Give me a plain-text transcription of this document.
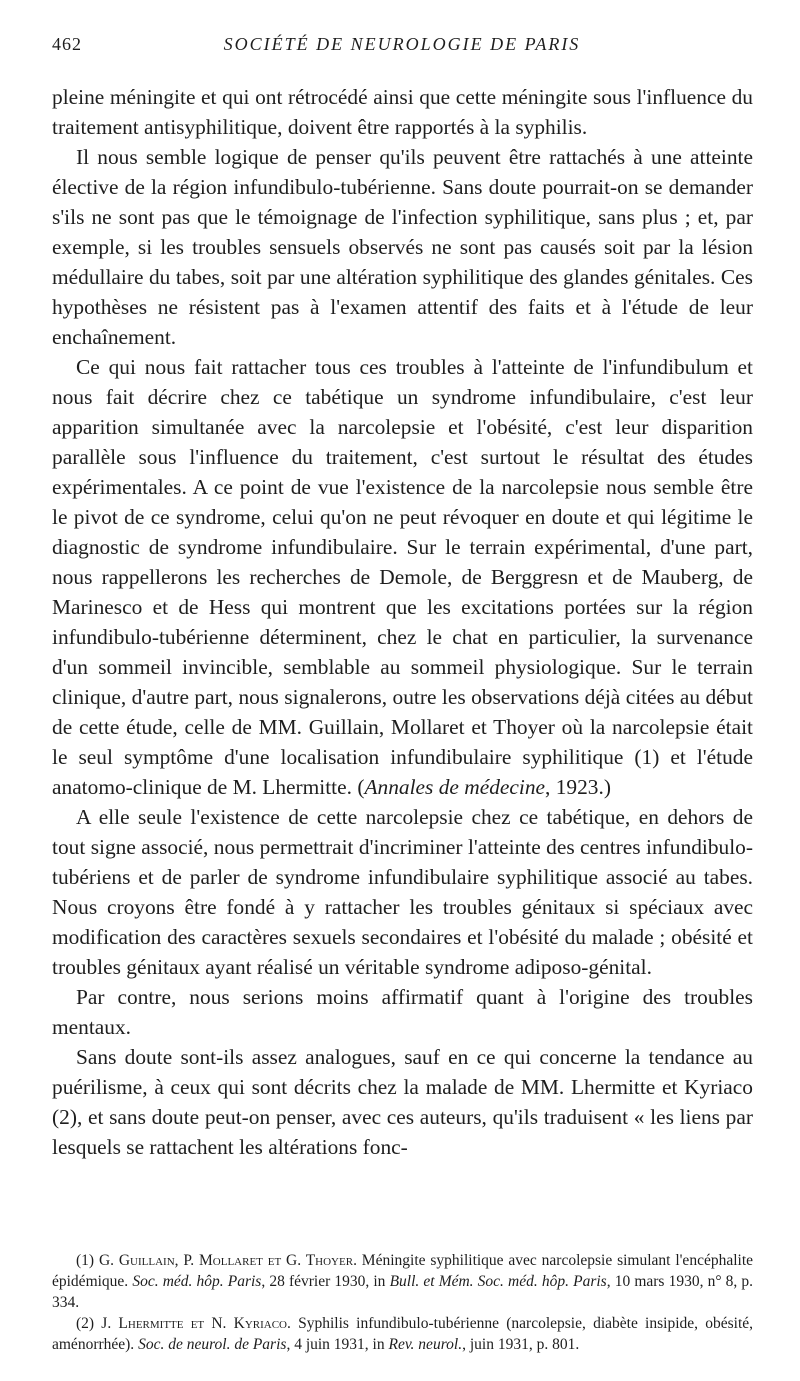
462	SOCIÉTÉ DE NEUROLOGIE DE PARIS

pleine méningite et qui ont rétrocédé ainsi que cette méningite sous l'influence du traitement antisyphilitique, doivent être rapportés à la syphilis.

Il nous semble logique de penser qu'ils peuvent être rattachés à une atteinte élective de la région infundibulo-tubérienne. Sans doute pourrait-on se demander s'ils ne sont pas que le témoignage de l'infection syphilitique, sans plus ; et, par exemple, si les troubles sensuels observés ne sont pas causés soit par la lésion médullaire du tabes, soit par une altération syphilitique des glandes génitales. Ces hypothèses ne résistent pas à l'examen attentif des faits et à l'étude de leur enchaînement.

Ce qui nous fait rattacher tous ces troubles à l'atteinte de l'infundibulum et nous fait décrire chez ce tabétique un syndrome infundibulaire, c'est leur apparition simultanée avec la narcolepsie et l'obésité, c'est leur disparition parallèle sous l'influence du traitement, c'est surtout le résultat des études expérimentales. A ce point de vue l'existence de la narcolepsie nous semble être le pivot de ce syndrome, celui qu'on ne peut révoquer en doute et qui légitime le diagnostic de syndrome infundibulaire. Sur le terrain expérimental, d'une part, nous rappellerons les recherches de Demole, de Berggresn et de Mauberg, de Marinesco et de Hess qui montrent que les excitations portées sur la région infundibulo-tubérienne déterminent, chez le chat en particulier, la survenance d'un sommeil invincible, semblable au sommeil physiologique. Sur le terrain clinique, d'autre part, nous signalerons, outre les observations déjà citées au début de cette étude, celle de MM. Guillain, Mollaret et Thoyer où la narcolepsie était le seul symptôme d'une localisation infundibulaire syphilitique (1) et l'étude anatomo-clinique de M. Lhermitte. (Annales de médecine, 1923.)

A elle seule l'existence de cette narcolepsie chez ce tabétique, en dehors de tout signe associé, nous permettrait d'incriminer l'atteinte des centres infundibulo-tubériens et de parler de syndrome infundibulaire syphilitique associé au tabes. Nous croyons être fondé à y rattacher les troubles génitaux si spéciaux avec modification des caractères sexuels secondaires et l'obésité du malade ; obésité et troubles génitaux ayant réalisé un véritable syndrome adiposo-génital.

Par contre, nous serions moins affirmatif quant à l'origine des troubles mentaux.

Sans doute sont-ils assez analogues, sauf en ce qui concerne la tendance au puérilisme, à ceux qui sont décrits chez la malade de MM. Lhermitte et Kyriaco (2), et sans doute peut-on penser, avec ces auteurs, qu'ils traduisent « les liens par lesquels se rattachent les altérations fonc-

(1) G. Guillain, P. Mollaret et G. Thoyer. Méningite syphilitique avec narcolepsie simulant l'encéphalite épidémique. Soc. méd. hôp. Paris, 28 février 1930, in Bull. et Mém. Soc. méd. hôp. Paris, 10 mars 1930, n° 8, p. 334.

(2) J. Lhermitte et N. Kyriaco. Syphilis infundibulo-tubérienne (narcolepsie, diabète insipide, obésité, aménorrhée). Soc. de neurol. de Paris, 4 juin 1931, in Rev. neurol., juin 1931, p. 801.
